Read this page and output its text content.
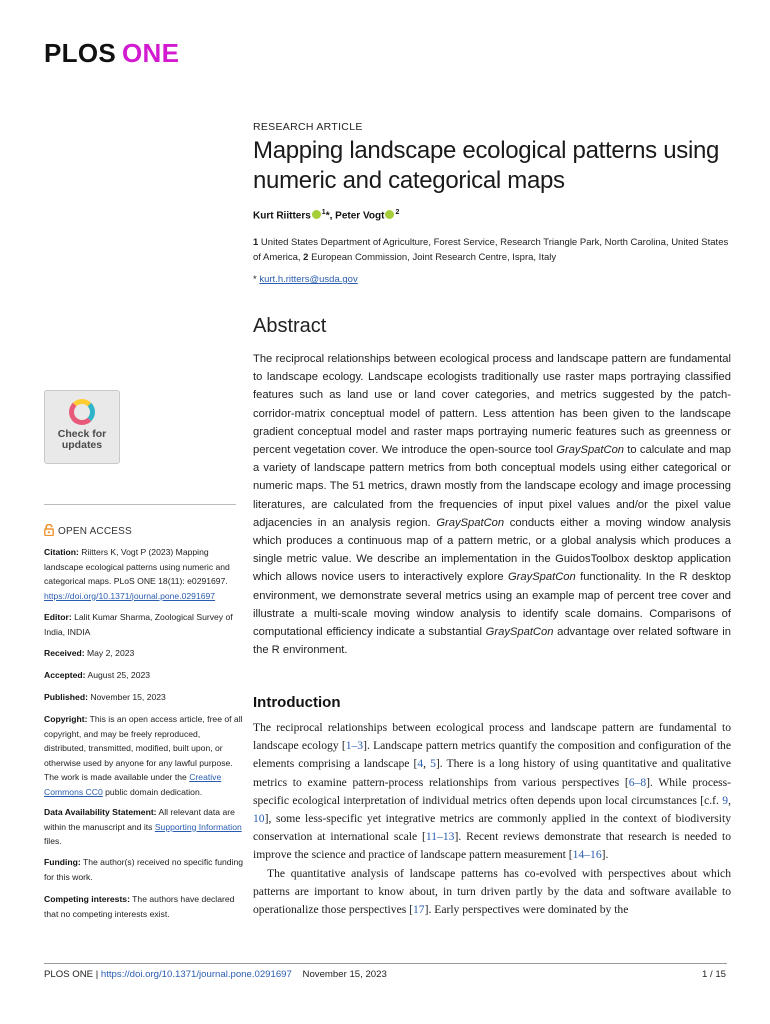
PLOS ONE
Check for
updates
OPEN ACCESS
Citation: Riitters K, Vogt P (2023) Mapping landscape ecological patterns using numeric and categorical maps. PLoS ONE 18(11): e0291697. https://doi.org/10.1371/journal.pone.0291697
Editor: Lalit Kumar Sharma, Zoological Survey of India, INDIA
Received: May 2, 2023
Accepted: August 25, 2023
Published: November 15, 2023
Copyright: This is an open access article, free of all copyright, and may be freely reproduced, distributed, transmitted, modified, built upon, or otherwise used by anyone for any lawful purpose. The work is made available under the Creative Commons CC0 public domain dedication.
Data Availability Statement: All relevant data are within the manuscript and its Supporting Information files.
Funding: The author(s) received no specific funding for this work.
Competing interests: The authors have declared that no competing interests exist.
RESEARCH ARTICLE
Mapping landscape ecological patterns using numeric and categorical maps
Kurt Riitters $^1$*, Peter Vogt $^2$
1 United States Department of Agriculture, Forest Service, Research Triangle Park, North Carolina, United States of America, 2 European Commission, Joint Research Centre, Ispra, Italy
* kurt.h.ritters@usda.gov
Abstract
The reciprocal relationships between ecological process and landscape pattern are fundamental to landscape ecology. Landscape ecologists traditionally use raster maps portraying classified features such as land use or land cover categories, and metrics suggested by the patch-corridor-matrix conceptual model of pattern. Less attention has been given to the landscape gradient conceptual model and raster maps portraying numeric features such as greenness or percent vegetation cover. We introduce the open-source tool GraySpatCon to calculate and map a variety of landscape pattern metrics from both conceptual models using either categorical or numeric maps. The 51 metrics, drawn mostly from the landscape ecology and image processing literatures, are calculated from the frequencies of input pixel values and/or the pixel value adjacencies in an analysis region. GraySpatCon conducts either a moving window analysis which produces a continuous map of a pattern metric, or a global analysis which produces a single metric value. We describe an implementation in the GuidosToolbox desktop application which allows novice users to interactively explore GraySpatCon functionality. In the R desktop environment, we demonstrate several metrics using an example map of percent tree cover and illustrate a multi-scale moving window analysis to identify scale domains. Comparisons of computational efficiency indicate a substantial GraySpatCon advantage over related software in the R environment.
Introduction

The reciprocal relationships between ecological process and landscape pattern are fundamental to landscape ecology [1–3]. Landscape pattern metrics quantify the composition and configuration of the elements comprising a landscape [4, 5]. There is a long history of using quantitative and qualitative metrics to examine pattern-process relationships from various perspectives [6–8]. While process-specific ecological interpretation of individual metrics often depends upon local circumstances [c.f. 9, 10], some less-specific yet integrative metrics are commonly applied in the context of biodiversity conservation at international scale [11–13]. Recent reviews demonstrate that research is needed to improve the science and practice of landscape pattern measurement [14–16].

The quantitative analysis of landscape patterns has co-evolved with perspectives about which patterns are important to know about, in turn driven partly by the data and software available to operationalize those perspectives [17]. Early perspectives were dominated by the

PLOS ONE | https://doi.org/10.1371/journal.pone.0291697 November 15, 2023	1 / 15
